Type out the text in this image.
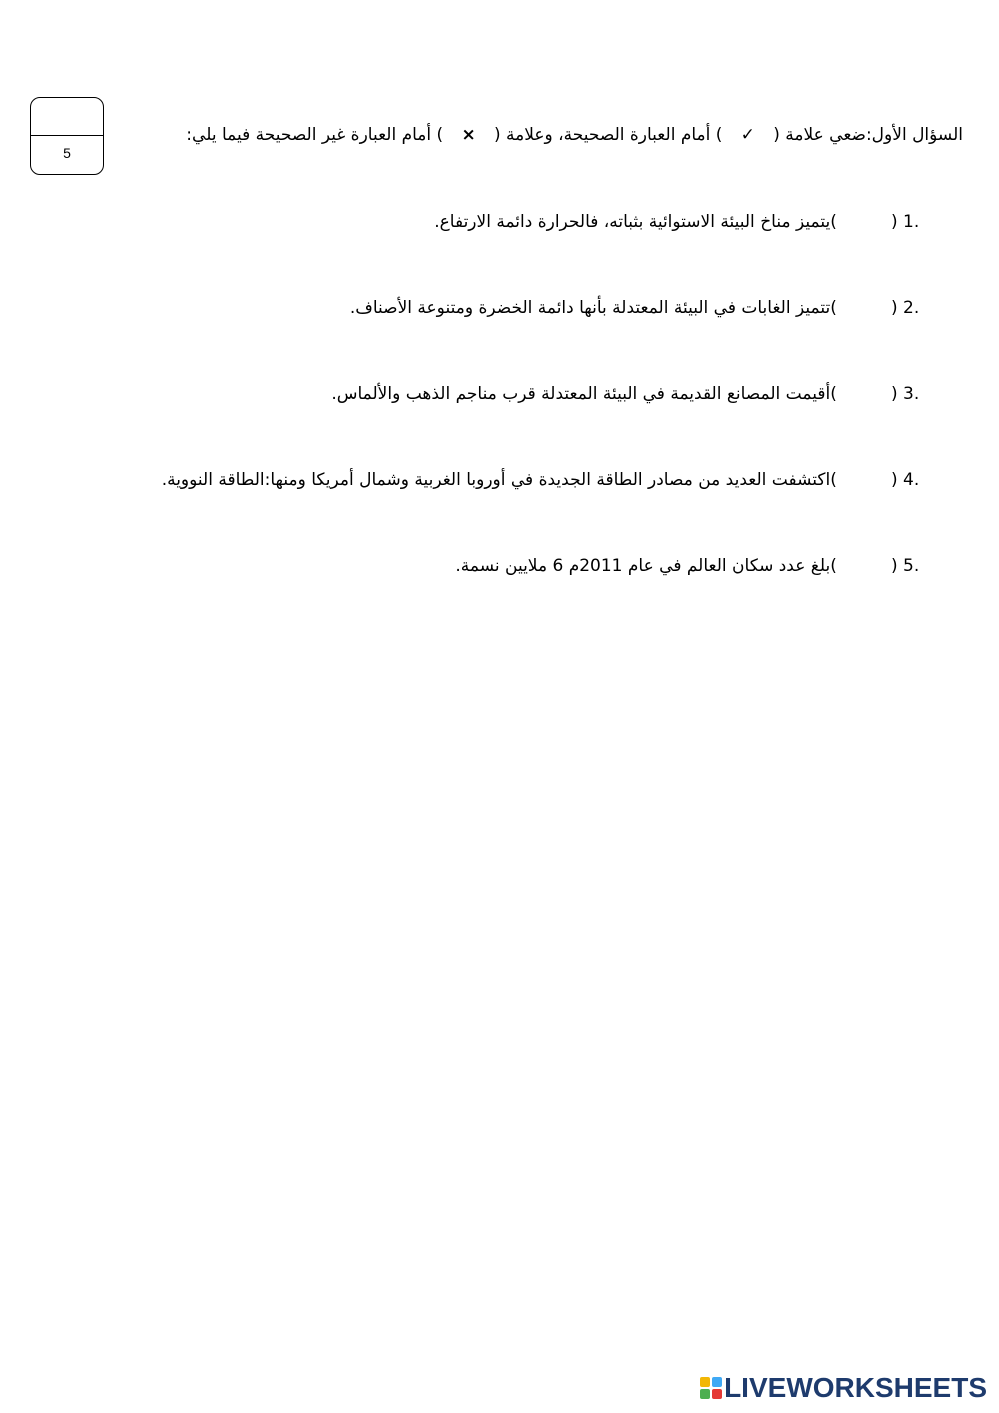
5
السؤال الأول:ضعي علامة ( ✓ ) أمام العبارة الصحيحة، وعلامة ( × ) أمام العبارة غير الصحيحة فيما يلي:
1. (          ) يتميز مناخ البيئة الاستوائية بثباته، فالحرارة دائمة الارتفاع.
2. (          ) تتميز الغابات في البيئة المعتدلة بأنها دائمة الخضرة ومتنوعة الأصناف.
3. (          ) أقيمت المصانع القديمة في البيئة المعتدلة قرب مناجم الذهب والألماس.
4. (          ) اكتشفت العديد من مصادر الطاقة الجديدة في أوروبا الغربية وشمال أمريكا ومنها:الطاقة النووية.
5. (          ) بلغ عدد سكان العالم في عام 2011م 6 ملايين نسمة.
LIVEWORKSHEETS
